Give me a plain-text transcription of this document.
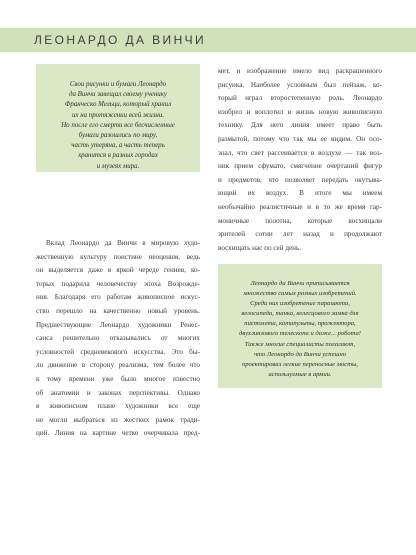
ЛЕОНАРДО ДА ВИНЧИ

Свои рисунки и бумаги Леонардо
да Винчи завещал своему ученику
Франческо Мельци, который хранил
их на протяжении всей жизни.
Но после его смерти все бесчисленные
бумаги разошлись по миру,
часть утеряна, а часть теперь
хранится в разных городах
и музеях мира.

Вклад Леонардо да Винчи в мировую худо-
жественную культуру поистине неоценим, ведь
он выделяется даже в яркой череде гениев, ко-
торых подарила человечеству эпоха Возрожде-
ния. Благодаря его работам живописное искус-
ство перешло на качественно новый уровень.
Предшествующие Леонардо художники Ренес-
санса решительно отказывались от многих
условностей средневекового искусства. Это бы-
ло движение в сторону реализма, тем более что
к тому времени уже было многое известно
об анатомии и законах перспективы. Однако
в живописном плане художники все еще
не могли выбраться из жестких рамок тради-
ций. Линия на картине четко очерчивала пред-
мет, и изображение имело вид раскрашенного
рисунка. Наиболее условным был пейзаж, ко-
торый играл второстепенную роль. Леонардо
изобрел и воплотил в жизнь новую живописную
технику. Для него линия имеет право быть
размытой, потому что так мы ее видим. Он осо-
знал, что свет рассеивается в воздухе — так воз-
ник прием сфумато, смягчение очертаний фигур
и предметов, что позволяет передать окутыва-
ющий их воздух. В итоге мы имеем
необычайно реалистичные и в то же время гар-
моничные полотна, которые восхищали
зрителей сотни лет назад и продолжают
восхищать нас по сей день.

Леонардо да Винчи приписывается
множество самых разных изобретений.
Среди них изобретение парашюта,
велосипеда, танка, колесцового замка для
пистолета, катапульты, прожектора,
двухлинзового телескопа и даже... робота!
Также многие специалисты полагают,
что Леонардо да Винчи успешно
проектировал легкие переносные мосты,
используемые в армии.
